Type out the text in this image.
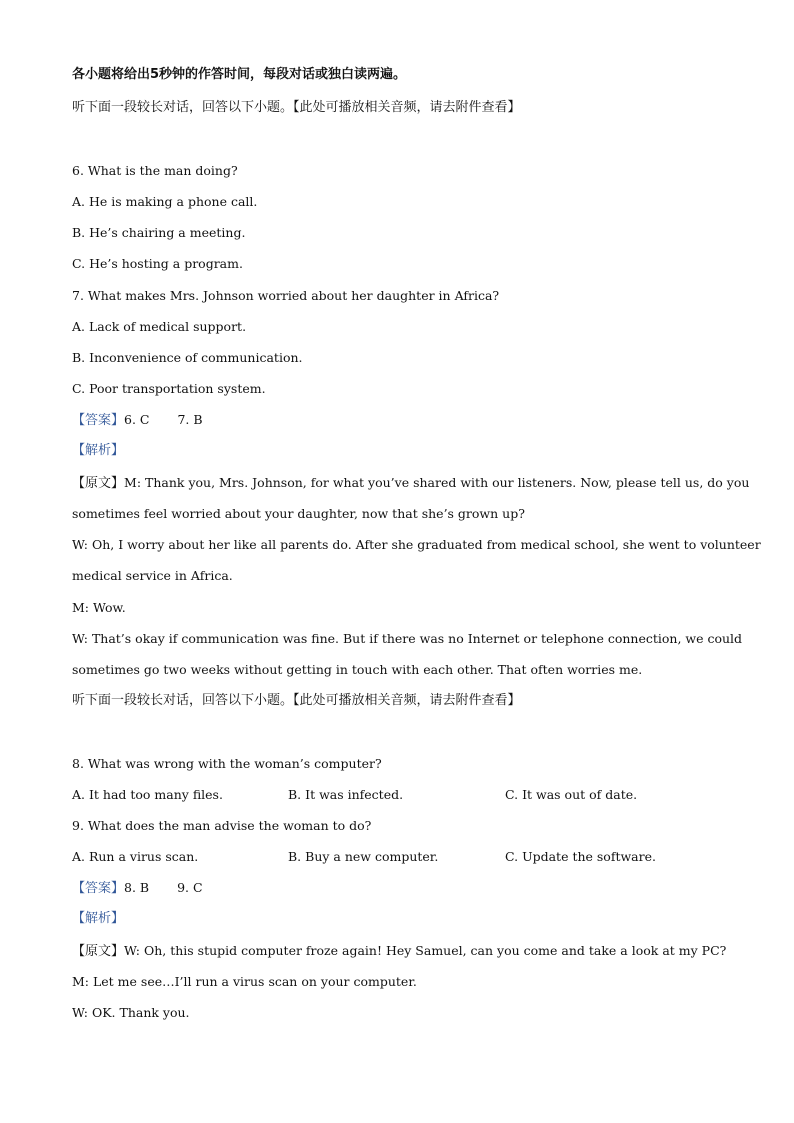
各小题将给出5秒钟的作答时间，每段对话或独白读两遍。
听下面一段较长对话，回答以下小题。【此处可播放相关音频，请去附件查看】
6. What is the man doing?
A. He is making a phone call.
B. He’s chairing a meeting.
C. He’s hosting a program.
7. What makes Mrs. Johnson worried about her daughter in Africa?
A. Lack of medical support.
B. Inconvenience of communication.
C. Poor transportation system.
【答案】6. C 7. B
【解析】
【原文】M: Thank you, Mrs. Johnson, for what you’ve shared with our listeners. Now, please tell us, do you
sometimes feel worried about your daughter, now that she’s grown up?
W: Oh, I worry about her like all parents do. After she graduated from medical school, she went to volunteer
medical service in Africa.
M: Wow.
W: That’s okay if communication was fine. But if there was no Internet or telephone connection, we could
sometimes go two weeks without getting in touch with each other. That often worries me.
听下面一段较长对话，回答以下小题。【此处可播放相关音频，请去附件查看】
8. What was wrong with the woman’s computer?
A. It had too many files.	B. It was infected.	C. It was out of date.
9. What does the man advise the woman to do?
A. Run a virus scan.	B. Buy a new computer.	C. Update the software.
【答案】8. B 9. C
【解析】
【原文】W: Oh, this stupid computer froze again! Hey Samuel, can you come and take a look at my PC?
M: Let me see…I’ll run a virus scan on your computer.
W: OK. Thank you.
